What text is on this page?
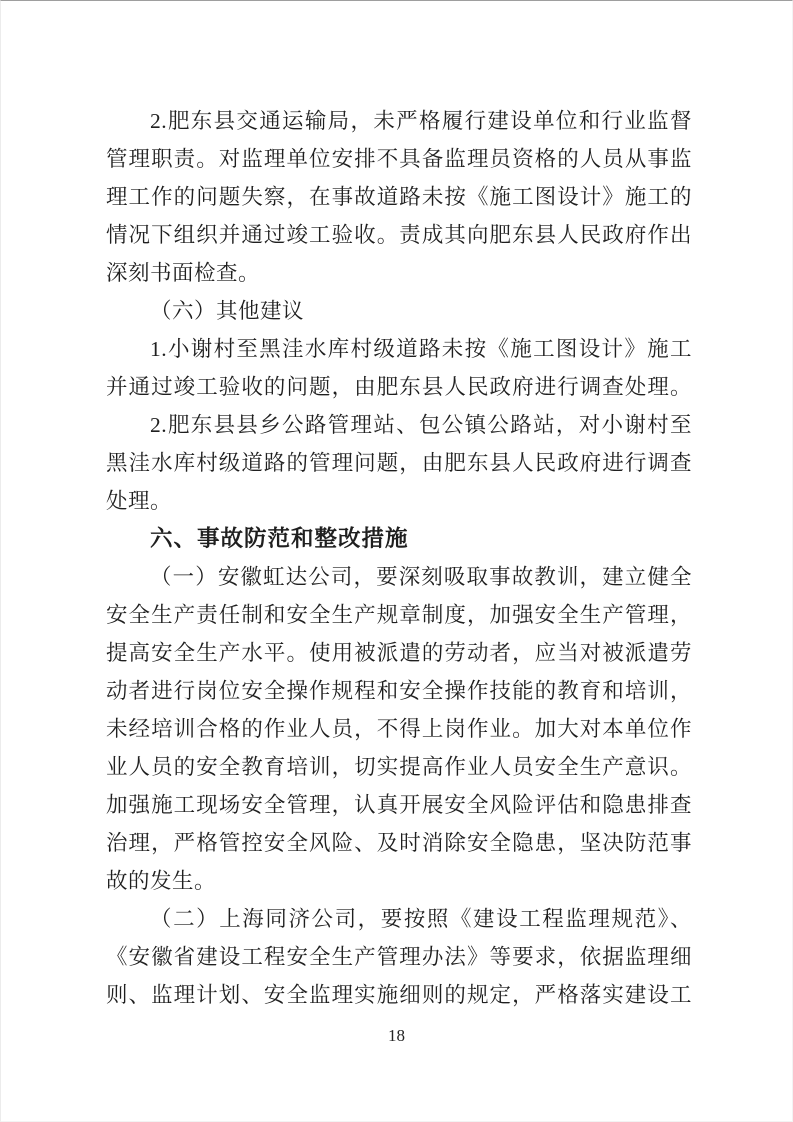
2.肥东县交通运输局，未严格履行建设单位和行业监督
管理职责。对监理单位安排不具备监理员资格的人员从事监
理工作的问题失察，在事故道路未按《施工图设计》施工的
情况下组织并通过竣工验收。责成其向肥东县人民政府作出
深刻书面检查。
（六）其他建议
1.小谢村至黑洼水库村级道路未按《施工图设计》施工
并通过竣工验收的问题，由肥东县人民政府进行调查处理。
2.肥东县县乡公路管理站、包公镇公路站，对小谢村至
黑洼水库村级道路的管理问题，由肥东县人民政府进行调查
处理。
六、事故防范和整改措施
（一）安徽虹达公司，要深刻吸取事故教训，建立健全
安全生产责任制和安全生产规章制度，加强安全生产管理，
提高安全生产水平。使用被派遣的劳动者，应当对被派遣劳
动者进行岗位安全操作规程和安全操作技能的教育和培训，
未经培训合格的作业人员，不得上岗作业。加大对本单位作
业人员的安全教育培训，切实提高作业人员安全生产意识。
加强施工现场安全管理，认真开展安全风险评估和隐患排查
治理，严格管控安全风险、及时消除安全隐患，坚决防范事
故的发生。
（二）上海同济公司，要按照《建设工程监理规范》、
《安徽省建设工程安全生产管理办法》等要求，依据监理细
则、监理计划、安全监理实施细则的规定，严格落实建设工
18
